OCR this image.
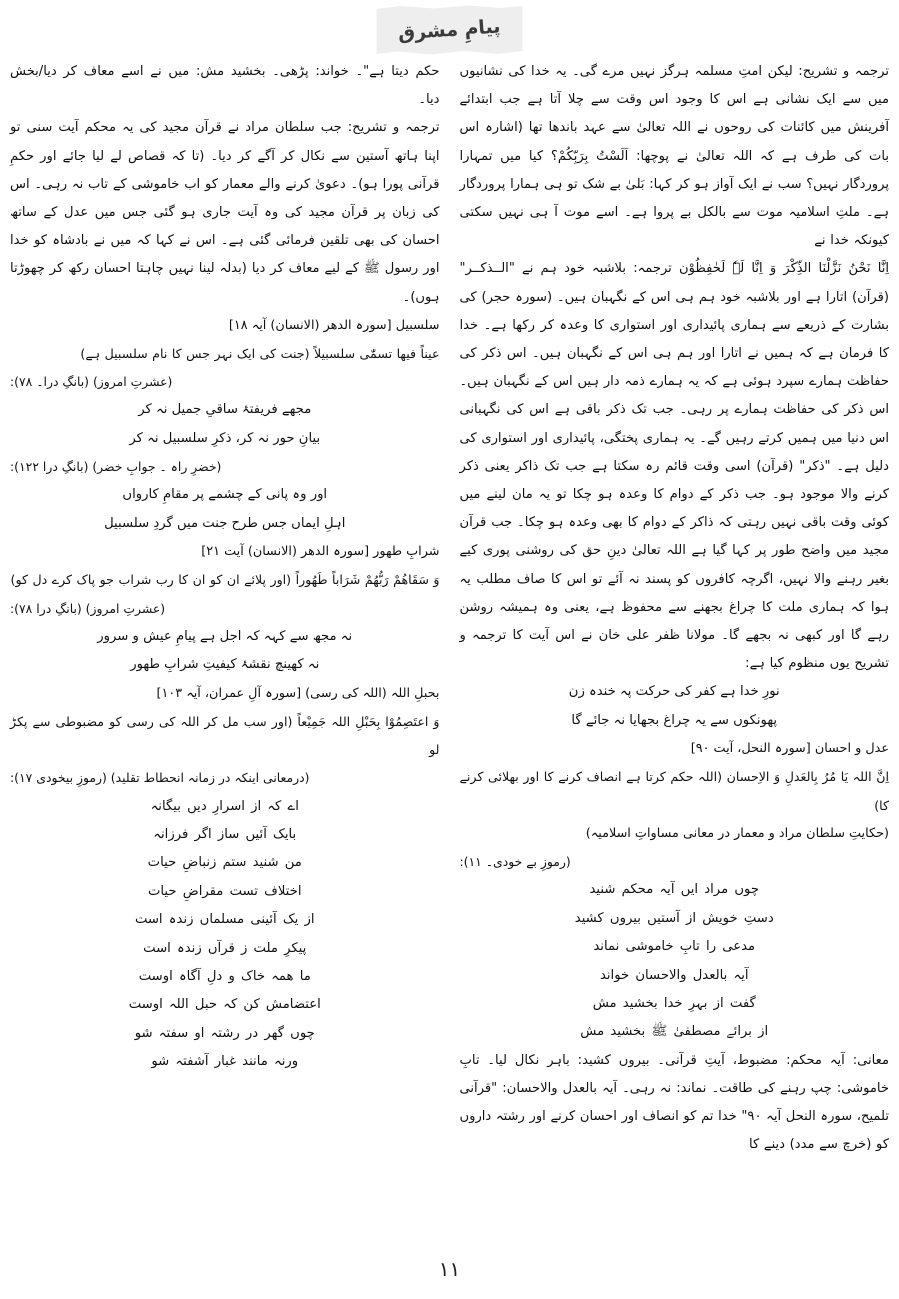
پیامِ مشرق

ترجمہ و تشریح: لیکن امتِ مسلمہ ہرگز نہیں مرے گی۔ یہ خدا کی نشانیوں میں سے ایک نشانی ہے اس کا وجود اس وقت سے چلا آتا ہے جب ابتدائے آفرینش میں کائنات کی روحوں نے اللہ تعالیٰ سے عہد باندھا تھا (اشارہ اس بات کی طرف ہے کہ اللہ تعالیٰ نے پوچھا: اَلَسْتُ بِرَبِّکُمْ؟ کیا میں تمہارا پروردگار نہیں؟ سب نے ایک آواز ہو کر کہا: بَلیٰ بے شک تو ہی ہمارا پروردگار ہے۔ ملتِ اسلامیہ موت سے بالکل بے پروا ہے۔ اسے موت آ ہی نہیں سکتی کیونکہ خدا نے

اِنَّا نَحْنُ نَزَّلْنَا الذِّکْرَ وَ اِنَّا لَہٗ لَحٰفِظُوْن ترجمہ: بلاشبہ خود ہم نے "الــذکــر" (قرآن) اتارا ہے اور بلاشبہ خود ہم ہی اس کے نگہبان ہیں۔ (سورہ حجر) کی بشارت کے ذریعے سے ہماری پائیداری اور استواری کا وعدہ کر رکھا ہے۔ خدا کا فرمان ہے کہ ہمیں نے اتارا اور ہم ہی اس کے نگہبان ہیں۔ اس ذکر کی حفاظت ہمارے سپرد ہوئی ہے کہ یہ ہمارے ذمہ دار ہیں اس کے نگہبان ہیں۔ اس ذکر کی حفاظت ہمارے پر رہی۔ جب تک ذکر باقی ہے اس کی نگہبانی اس دنیا میں ہمیں کرتے رہیں گے۔ یہ ہماری پختگی، پائیداری اور استواری کی دلیل ہے۔ "ذکر" (قرآن) اسی وقت قائم رہ سکتا ہے جب تک ذاکر یعنی ذکر کرنے والا موجود ہو۔ جب ذکر کے دوام کا وعدہ ہو چکا تو یہ مان لینے میں کوئی وقت باقی نہیں رہتی کہ ذاکر کے دوام کا بھی وعدہ ہو چکا۔ جب قرآن مجید میں واضح طور پر کہا گیا ہے اللہ تعالیٰ دینِ حق کی روشنی پوری کیے بغیر رہنے والا نہیں، اگرچہ کافروں کو پسند نہ آئے تو اس کا صاف مطلب یہ ہوا کہ ہماری ملت کا چراغ بجھنے سے محفوظ ہے، یعنی وہ ہمیشہ روشن رہے گا اور کبھی نہ بجھے گا۔ مولانا ظفر علی خان نے اس آیت کا ترجمہ و تشریح یوں منظوم کیا ہے:

نورِ خدا ہے کفر کی حرکت پہ خندہ زن

پھونکوں سے یہ چراغ بجھایا نہ جائے گا

عدل و احسان [سورہ النحل، آیت ۹۰]

اِنَّ اللہ یَا مُرُ بِالعَدلِ وَ الاِحسان (اللہ حکم کرتا ہے انصاف کرنے کا اور بھلائی کرنے کا)

(حکایتِ سلطان مراد و معمار در معانی مساواتِ اسلامیہ)

(رموزِ بے خودی۔ ۱۱):

چوں مراد ایں آیہ محکم شنید

دستِ خویش از آستیں بیروں کشید

مدعی را تابِ خاموشی نماند

آیہ بالعدل والاحسان خواند

گفت از بہرِ خدا بخشید مش

از برائے مصطفیٰ ﷺ بخشید مش

معانی: آیہ محکم: مضبوط، آیتِ قرآنی۔ بیروں کشید: باہر نکال لیا۔ تابِ خاموشی: چپ رہنے کی طاقت۔ نماند: نہ رہی۔ آیہ بالعدل والاحسان: "قرآنی تلمیح، سورہ النحل آیہ ۹۰" خدا تم کو انصاف اور احسان کرنے اور رشتہ داروں کو (خرچ سے مدد) دینے کا

حکم دیتا ہے"۔ خواند: پڑھی۔ بخشید مش: میں نے اسے معاف کر دیا/بخش دیا۔

ترجمہ و تشریح: جب سلطان مراد نے قرآن مجید کی یہ محکم آیت سنی تو اپنا ہاتھ آستین سے نکال کر آگے کر دیا۔ (تا کہ قصاص لے لیا جائے اور حکمِ قرآنی پورا ہو)۔ دعویٰ کرنے والے معمار کو اب خاموشی کے تاب نہ رہی۔ اس کی زبان پر قرآن مجید کی وہ آیت جاری ہو گئی جس میں عدل کے ساتھ احسان کی بھی تلقین فرمائی گئی ہے۔ اس نے کہا کہ میں نے بادشاہ کو خدا اور رسول ﷺ کے لیے معاف کر دیا (بدلہ لینا نہیں چاہتا احسان رکھ کر چھوڑتا ہوں)۔

سلسبیل [سورہ الدھر (الانسان) آیہ ۱۸]

عیناً فیھا تسمّٰی سلسبیلاً (جنت کی ایک نہر جس کا نام سلسبیل ہے)

(عشرتِ امروز) (بانگِ درا۔ ۷۸):

مجھے فریفتۂ ساقیِ جمیل نہ کر

بیانِ حور نہ کر، ذکرِ سلسبیل نہ کر

(خضرِ راہ ۔ جوابِ خضر) (بانگِ درا ۱۲۲):

اور وہ پانی کے چشمے پر مقامِ کارواں

اہلِ ایماں جس طرح جنت میں گردِ سلسبیل

شرابِ طھور [سورہ الدھر (الانسان) آیت ۲۱]

وَ سَقَاھُمْ رَبُّھُمْ شَرَاباً طَھُوراً (اور پلائے ان کو ان کا رب شراب جو پاک کرے دل کو)

(عشرتِ امروز) (بانگِ درا ۷۸):

نہ مجھ سے کہہ کہ اجل ہے پیامِ عیش و سرور

نہ کھینچ نقشۂ کیفیتِ شرابِ طھور

بحبلِ اللہ (اللہ کی رسی) [سورہ آلِ عمران، آیہ ۱۰۳]

وَ اعتَصِمُوْا بِحَبْلِ اللہ جَمِیْعاً (اور سب مل کر اللہ کی رسی کو مضبوطی سے پکڑ لو

(درمعانی اینکہ در زمانہ انحطاط تقلید) (رموزِ بیخودی ۱۷):

اے کہ از اسرارِ دیں بیگانہ

بایک آئیں ساز اگر فرزانہ

من شنید ستم زنباضِ حیات

اختلاف تست مقراضِ حیات

از یک آئینی مسلماں زندہ است

پیکرِ ملت ز قرآں زندہ است

ما ھمہ خاک و دلِ آگاہ اوست

اعتضامش کن کہ حبل اللہ اوست

چوں گھر در رشتہ او سفتہ شو

ورنہ مانند غبار آشفتہ شو

۱۱
